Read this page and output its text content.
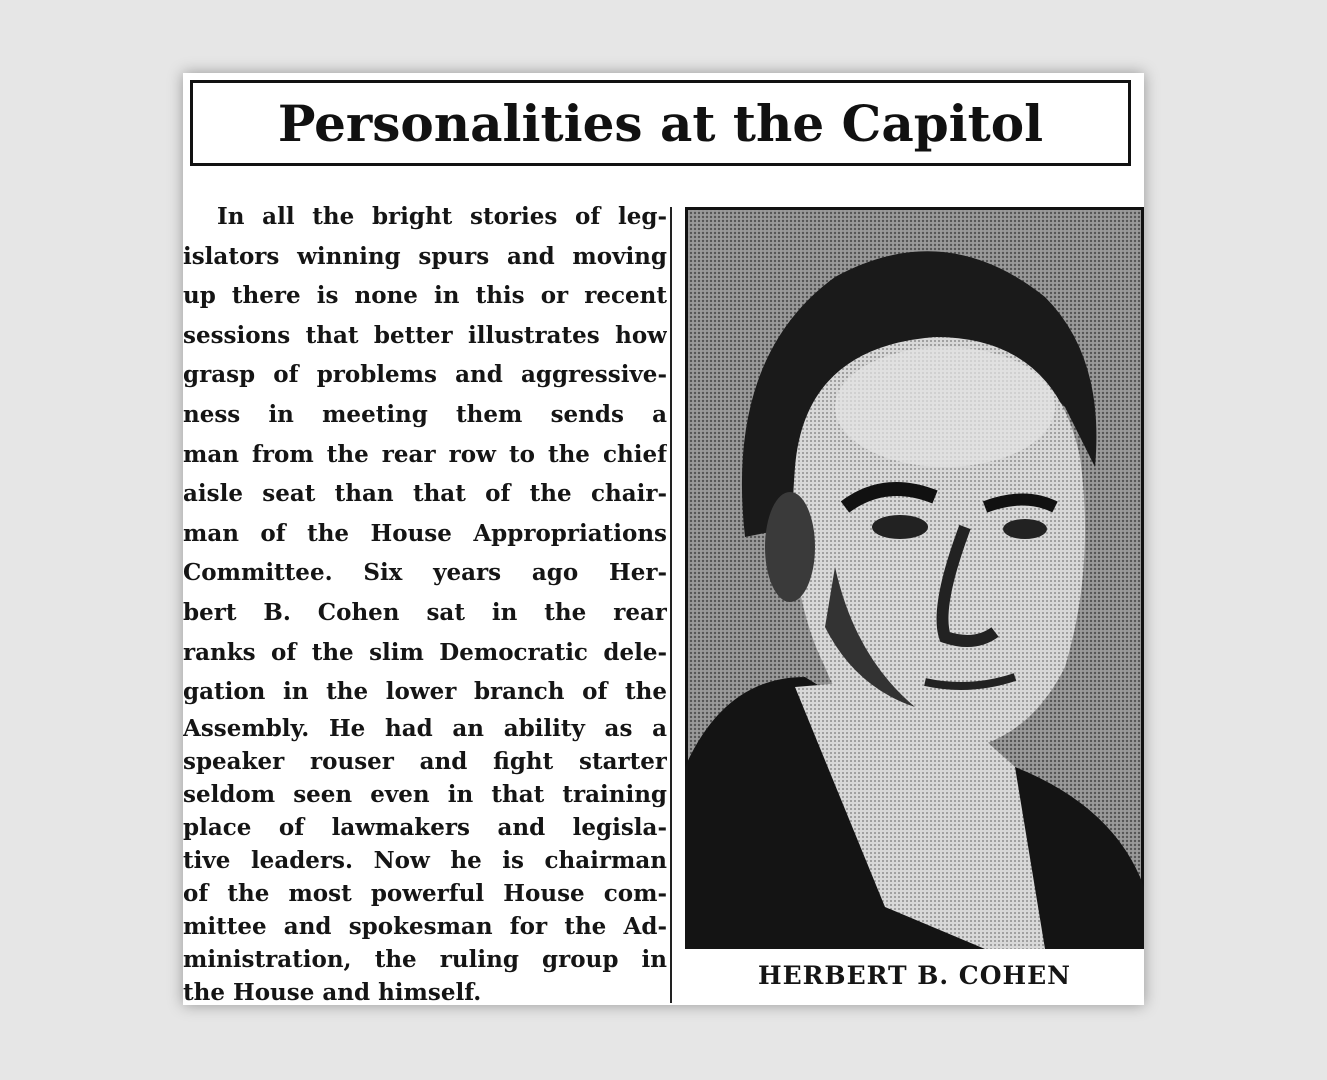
Personalities at the Capitol
In all the bright stories of leg-
islators winning spurs and moving
up there is none in this or recent
sessions that better illustrates how
grasp of problems and aggressive-
ness in meeting them sends a
man from the rear row to the chief
aisle seat than that of the chair-
man of the House Appropriations
Committee. Six years ago Her-
bert B. Cohen sat in the rear
ranks of the slim Democratic dele-
gation in the lower branch of the
Assembly. He had an ability as a
speaker rouser and fight starter
seldom seen even in that training
place of lawmakers and legisla-
tive leaders. Now he is chairman
of the most powerful House com-
mittee and spokesman for the Ad-
ministration, the ruling group in
the House and himself.
HERBERT B. COHEN
